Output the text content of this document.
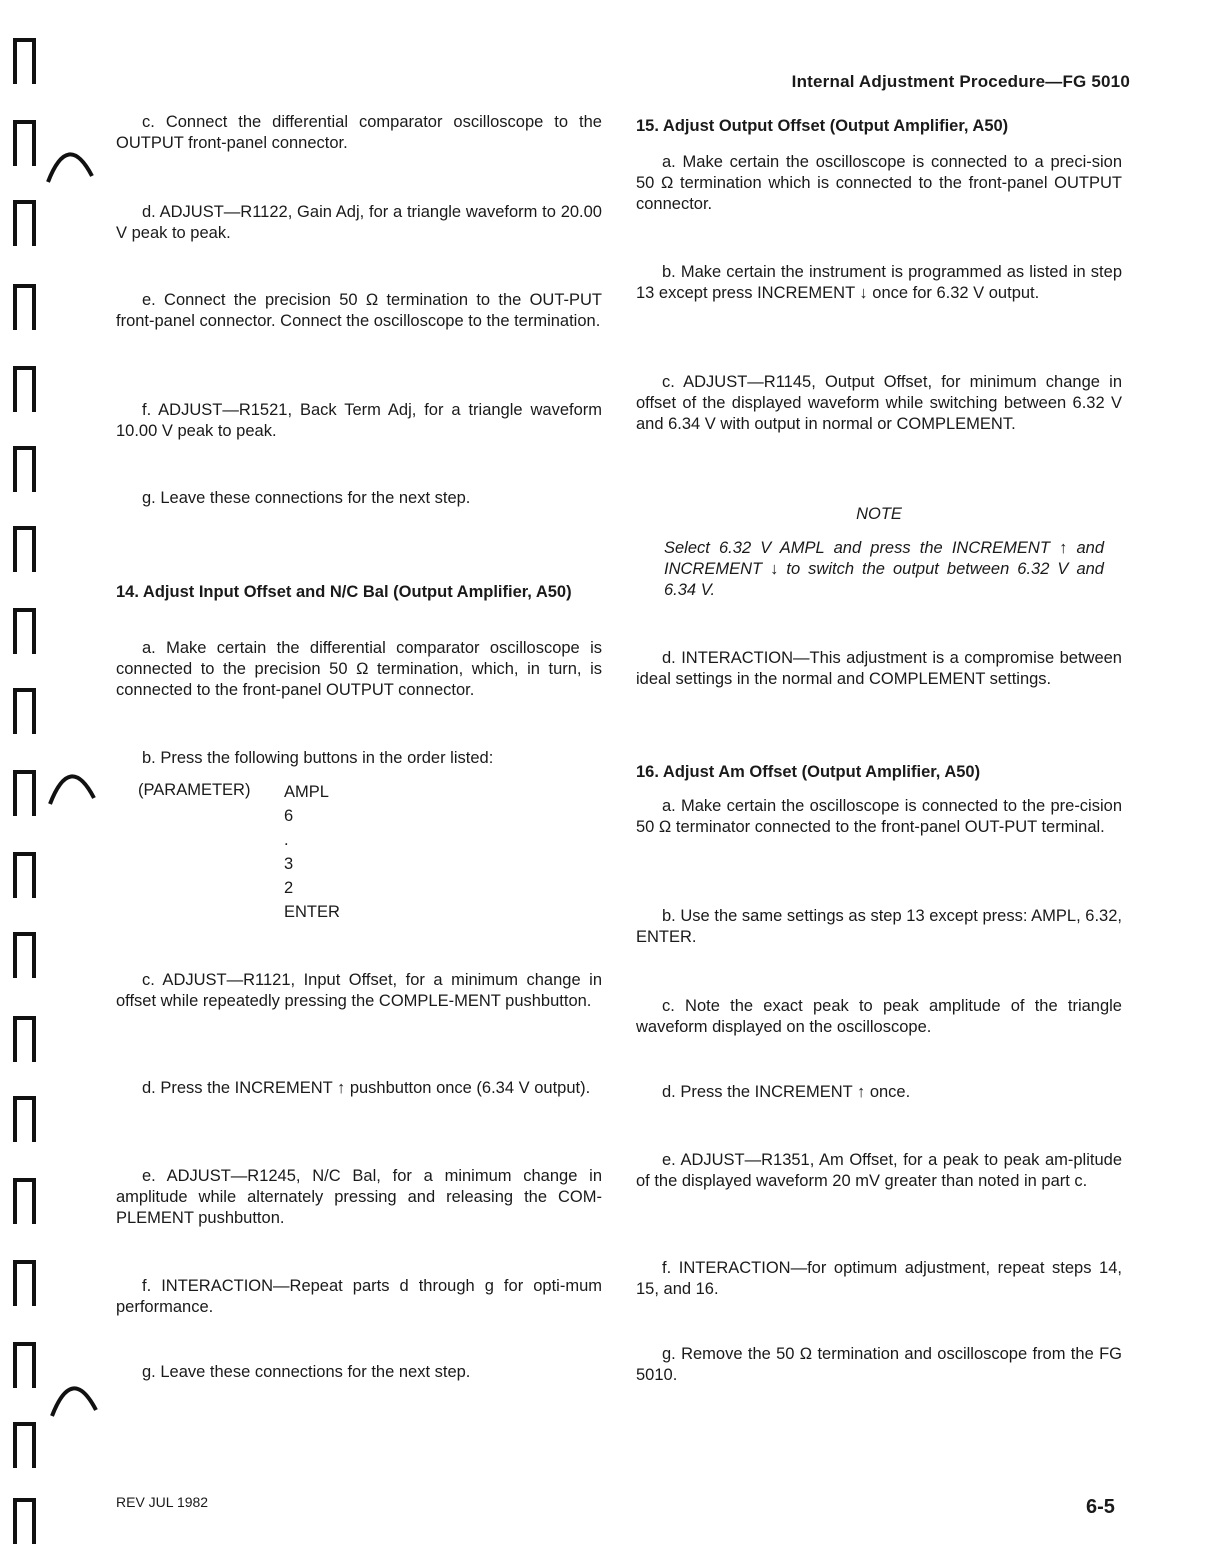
Internal Adjustment Procedure—FG 5010

c. Connect the differential comparator oscilloscope to the OUTPUT front-panel connector.

d. ADJUST—R1122, Gain Adj, for a triangle waveform to 20.00 V peak to peak.

e. Connect the precision 50 Ω termination to the OUT-PUT front-panel connector. Connect the oscilloscope to the termination.

f. ADJUST—R1521, Back Term Adj, for a triangle waveform 10.00 V peak to peak.

g. Leave these connections for the next step.

14. Adjust Input Offset and N/C Bal (Output Amplifier, A50)

a. Make certain the differential comparator oscilloscope is connected to the precision 50 Ω termination, which, in turn, is connected to the front-panel OUTPUT connector.

b. Press the following buttons in the order listed:

(PARAMETER) AMPL
6
.
3
2
ENTER

c. ADJUST—R1121, Input Offset, for a minimum change in offset while repeatedly pressing the COMPLE-MENT pushbutton.

d. Press the INCREMENT ↑ pushbutton once (6.34 V output).

e. ADJUST—R1245, N/C Bal, for a minimum change in amplitude while alternately pressing and releasing the COM-PLEMENT pushbutton.

f. INTERACTION—Repeat parts d through g for opti-mum performance.

g. Leave these connections for the next step.

15. Adjust Output Offset (Output Amplifier, A50)

a. Make certain the oscilloscope is connected to a preci-sion 50 Ω termination which is connected to the front-panel OUTPUT connector.

b. Make certain the instrument is programmed as listed in step 13 except press INCREMENT ↓ once for 6.32 V output.

c. ADJUST—R1145, Output Offset, for minimum change in offset of the displayed waveform while switching between 6.32 V and 6.34 V with output in normal or COMPLEMENT.

NOTE

Select 6.32 V AMPL and press the INCREMENT ↑ and INCREMENT ↓ to switch the output between 6.32 V and 6.34 V.

d. INTERACTION—This adjustment is a compromise between ideal settings in the normal and COMPLEMENT settings.

16. Adjust Am Offset (Output Amplifier, A50)

a. Make certain the oscilloscope is connected to the pre-cision 50 Ω terminator connected to the front-panel OUT-PUT terminal.

b. Use the same settings as step 13 except press: AMPL, 6.32, ENTER.

c. Note the exact peak to peak amplitude of the triangle waveform displayed on the oscilloscope.

d. Press the INCREMENT ↑ once.

e. ADJUST—R1351, Am Offset, for a peak to peak am-plitude of the displayed waveform 20 mV greater than noted in part c.

f. INTERACTION—for optimum adjustment, repeat steps 14, 15, and 16.

g. Remove the 50 Ω termination and oscilloscope from the FG 5010.

REV JUL 1982	6-5
